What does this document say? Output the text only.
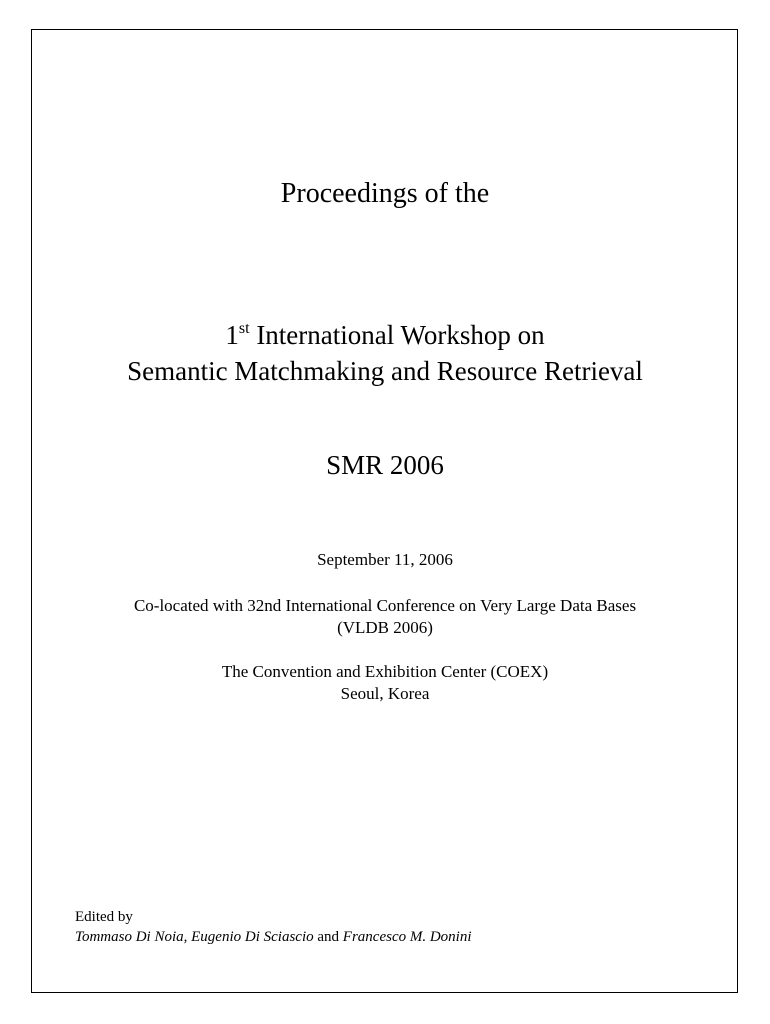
Proceedings of the
1st International Workshop on
Semantic Matchmaking and Resource Retrieval
SMR 2006
September 11, 2006
Co-located with 32nd International Conference on Very Large Data Bases
(VLDB 2006)
The Convention and Exhibition Center (COEX)
Seoul, Korea
Edited by
Tommaso Di Noia, Eugenio Di Sciascio and Francesco M. Donini
